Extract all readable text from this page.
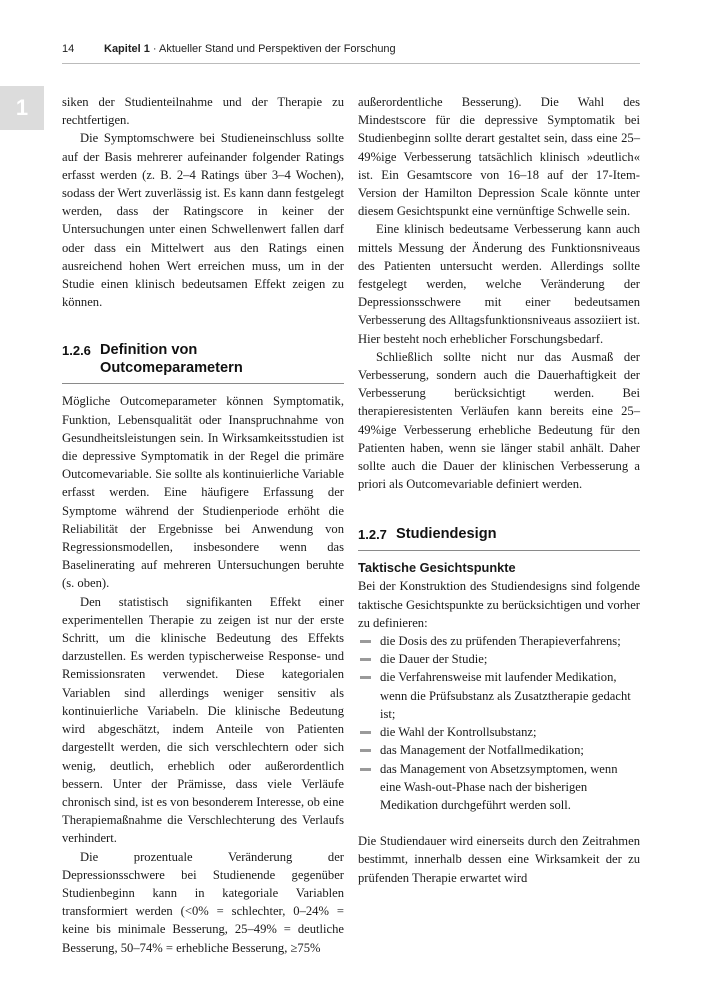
14	Kapitel 1 · Aktueller Stand und Perspektiven der Forschung
1	siken der Studienteilnahme und der Therapie zu rechtfertigen.

Die Symptomschwere bei Studieneinschluss sollte auf der Basis mehrerer aufeinander folgender Ratings erfasst werden (z. B. 2–4 Ratings über 3–4 Wochen), sodass der Wert zuverlässig ist. Es kann dann festgelegt werden, dass der Ratingscore in keiner der Untersuchungen unter einen Schwellenwert fallen darf oder dass ein Mittelwert aus den Ratings einen ausreichend hohen Wert erreichen muss, um in der Studie einen klinisch bedeutsamen Effekt zeigen zu können.

1.2.6 Definition von Outcomeparametern

Mögliche Outcomeparameter können Symptomatik, Funktion, Lebensqualität oder Inanspruchnahme von Gesundheitsleistungen sein. In Wirksamkeitsstudien ist die depressive Symptomatik in der Regel die primäre Outcomevariable. Sie sollte als kontinuierliche Variable erfasst werden. Eine häufigere Erfassung der Symptome während der Studienperiode erhöht die Reliabilität der Ergebnisse bei Anwendung von Regressionsmodellen, insbesondere wenn das Baselinerating auf mehreren Untersuchungen beruhte (s. oben).

Den statistisch signifikanten Effekt einer experimentellen Therapie zu zeigen ist nur der erste Schritt, um die klinische Bedeutung des Effekts darzustellen. Es werden typischerweise Response- und Remissionsraten verwendet. Diese kategorialen Variablen sind allerdings weniger sensitiv als kontinuierliche Variabeln. Die klinische Bedeutung wird abgeschätzt, indem Anteile von Patienten dargestellt werden, die sich verschlechtern oder sich wenig, deutlich, erheblich oder außerordentlich bessern. Unter der Prämisse, dass viele Verläufe chronisch sind, ist es von besonderem Interesse, ob eine Therapiemaßnahme die Verschlechterung des Verlaufs verhindert.

Die prozentuale Veränderung der Depressionsschwere bei Studienende gegenüber Studienbeginn kann in kategoriale Variablen transformiert werden (<0% = schlechter, 0–24% = keine bis minimale Besserung, 25–49% = deutliche Besserung, 50–74% = erhebliche Besserung, ≥75%

außerordentliche Besserung). Die Wahl des Mindestscore für die depressive Symptomatik bei Studienbeginn sollte derart gestaltet sein, dass eine 25–49%ige Verbesserung tatsächlich klinisch »deutlich« ist. Ein Gesamtscore von 16–18 auf der 17-Item-Version der Hamilton Depression Scale könnte unter diesem Gesichtspunkt eine vernünftige Schwelle sein.

Eine klinisch bedeutsame Verbesserung kann auch mittels Messung der Änderung des Funktionsniveaus des Patienten untersucht werden. Allerdings sollte festgelegt werden, welche Veränderung der Depressionsschwere mit einer bedeutsamen Verbesserung des Alltagsfunktionsniveaus assoziiert ist. Hier besteht noch erheblicher Forschungsbedarf.

Schließlich sollte nicht nur das Ausmaß der Verbesserung, sondern auch die Dauerhaftigkeit der Verbesserung berücksichtigt werden. Bei therapieresistenten Verläufen kann bereits eine 25–49%ige Verbesserung erhebliche Bedeutung für den Patienten haben, wenn sie länger stabil anhält. Daher sollte auch die Dauer der klinischen Verbesserung a priori als Outcomevariable definiert werden.

1.2.7 Studiendesign

Taktische Gesichtspunkte

Bei der Konstruktion des Studiendesigns sind folgende taktische Gesichtspunkte zu berücksichtigen und vorher zu definieren:

die Dosis des zu prüfenden Therapieverfahrens;
die Dauer der Studie;
die Verfahrensweise mit laufender Medikation, wenn die Prüfsubstanz als Zusatztherapie gedacht ist;
die Wahl der Kontrollsubstanz;
das Management der Notfallmedikation;
das Management von Absetzsymptomen, wenn eine Wash-out-Phase nach der bisherigen Medikation durchgeführt werden soll.

Die Studiendauer wird einerseits durch den Zeitrahmen bestimmt, innerhalb dessen eine Wirksamkeit der zu prüfenden Therapie erwartet wird
